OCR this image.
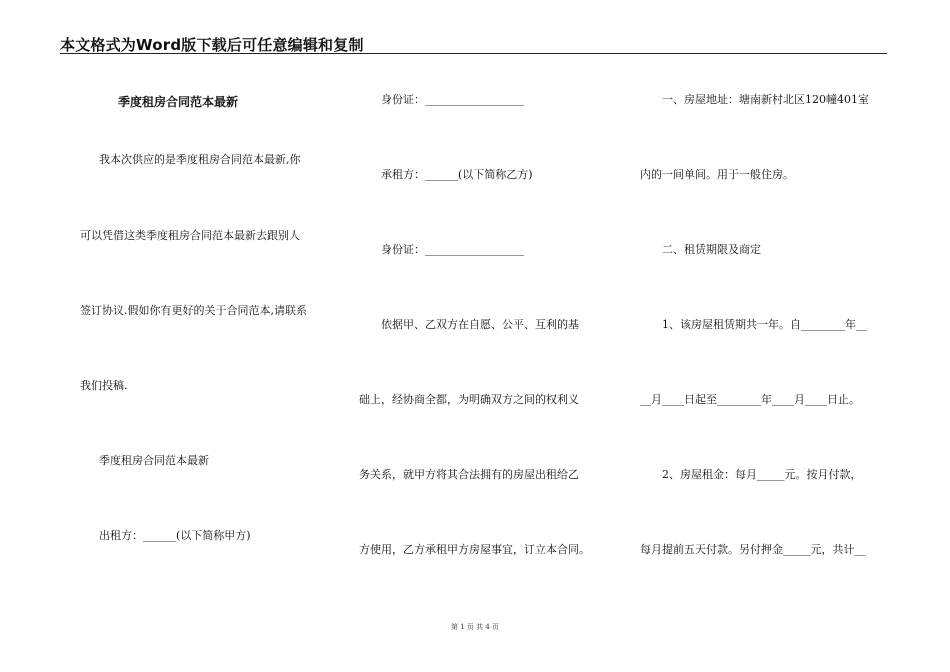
本文格式为Word版下载后可任意编辑和复制
季度租房合同范本最新
我本次供应的是季度租房合同范本最新,你
可以凭借这类季度租房合同范本最新去跟别人
签订协议.假如你有更好的关于合同范本,请联系
我们投稿.
季度租房合同范本最新
出租方：______(以下简称甲方)
身份证：__________________
承租方：______(以下简称乙方)
身份证：__________________
依据甲、乙双方在自愿、公平、互利的基
础上，经协商全都，为明确双方之间的权利义
务关系，就甲方将其合法拥有的房屋出租给乙
方使用，乙方承租甲方房屋事宜，订立本合同。
一、房屋地址：塘南新村北区120幢401室
内的一间单间。用于一般住房。
二、租赁期限及商定
1、该房屋租赁期共一年。自________年__
__月____日起至________年____月____日止。
2、房屋租金：每月_____元。按月付款，
每月提前五天付款。另付押金_____元，共计__
第 1 页 共 4 页
